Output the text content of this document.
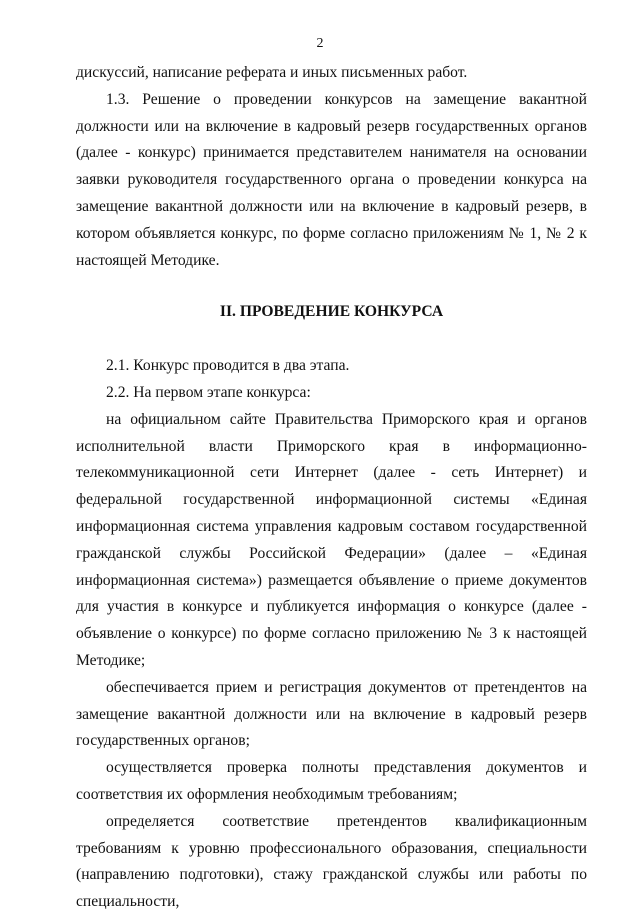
2

дискуссий, написание реферата и иных письменных работ.

1.3. Решение о проведении конкурсов на замещение вакантной должности или на включение в кадровый резерв государственных органов (далее - конкурс) принимается представителем нанимателя на основании заявки руководителя государственного органа о проведении конкурса на замещение вакантной должности или на включение в кадровый резерв, в котором объявляется конкурс, по форме согласно приложениям № 1, № 2 к настоящей Методике.

II. ПРОВЕДЕНИЕ КОНКУРСА

2.1. Конкурс проводится в два этапа.

2.2. На первом этапе конкурса:

на официальном сайте Правительства Приморского края и органов исполнительной власти Приморского края в информационно-телекоммуникационной сети Интернет (далее - сеть Интернет) и федеральной государственной информационной системы «Единая информационная система управления кадровым составом государственной гражданской службы Российской Федерации» (далее – «Единая информационная система») размещается объявление о приеме документов для участия в конкурсе и публикуется информация о конкурсе (далее - объявление о конкурсе) по форме согласно приложению № 3 к настоящей Методике;

обеспечивается прием и регистрация документов от претендентов на замещение вакантной должности или на включение в кадровый резерв государственных органов;

осуществляется проверка полноты представления документов и соответствия их оформления необходимым требованиям;

определяется соответствие претендентов квалификационным требованиям к уровню профессионального образования, специальности (направлению подготовки), стажу гражданской службы или работы по специальности,
